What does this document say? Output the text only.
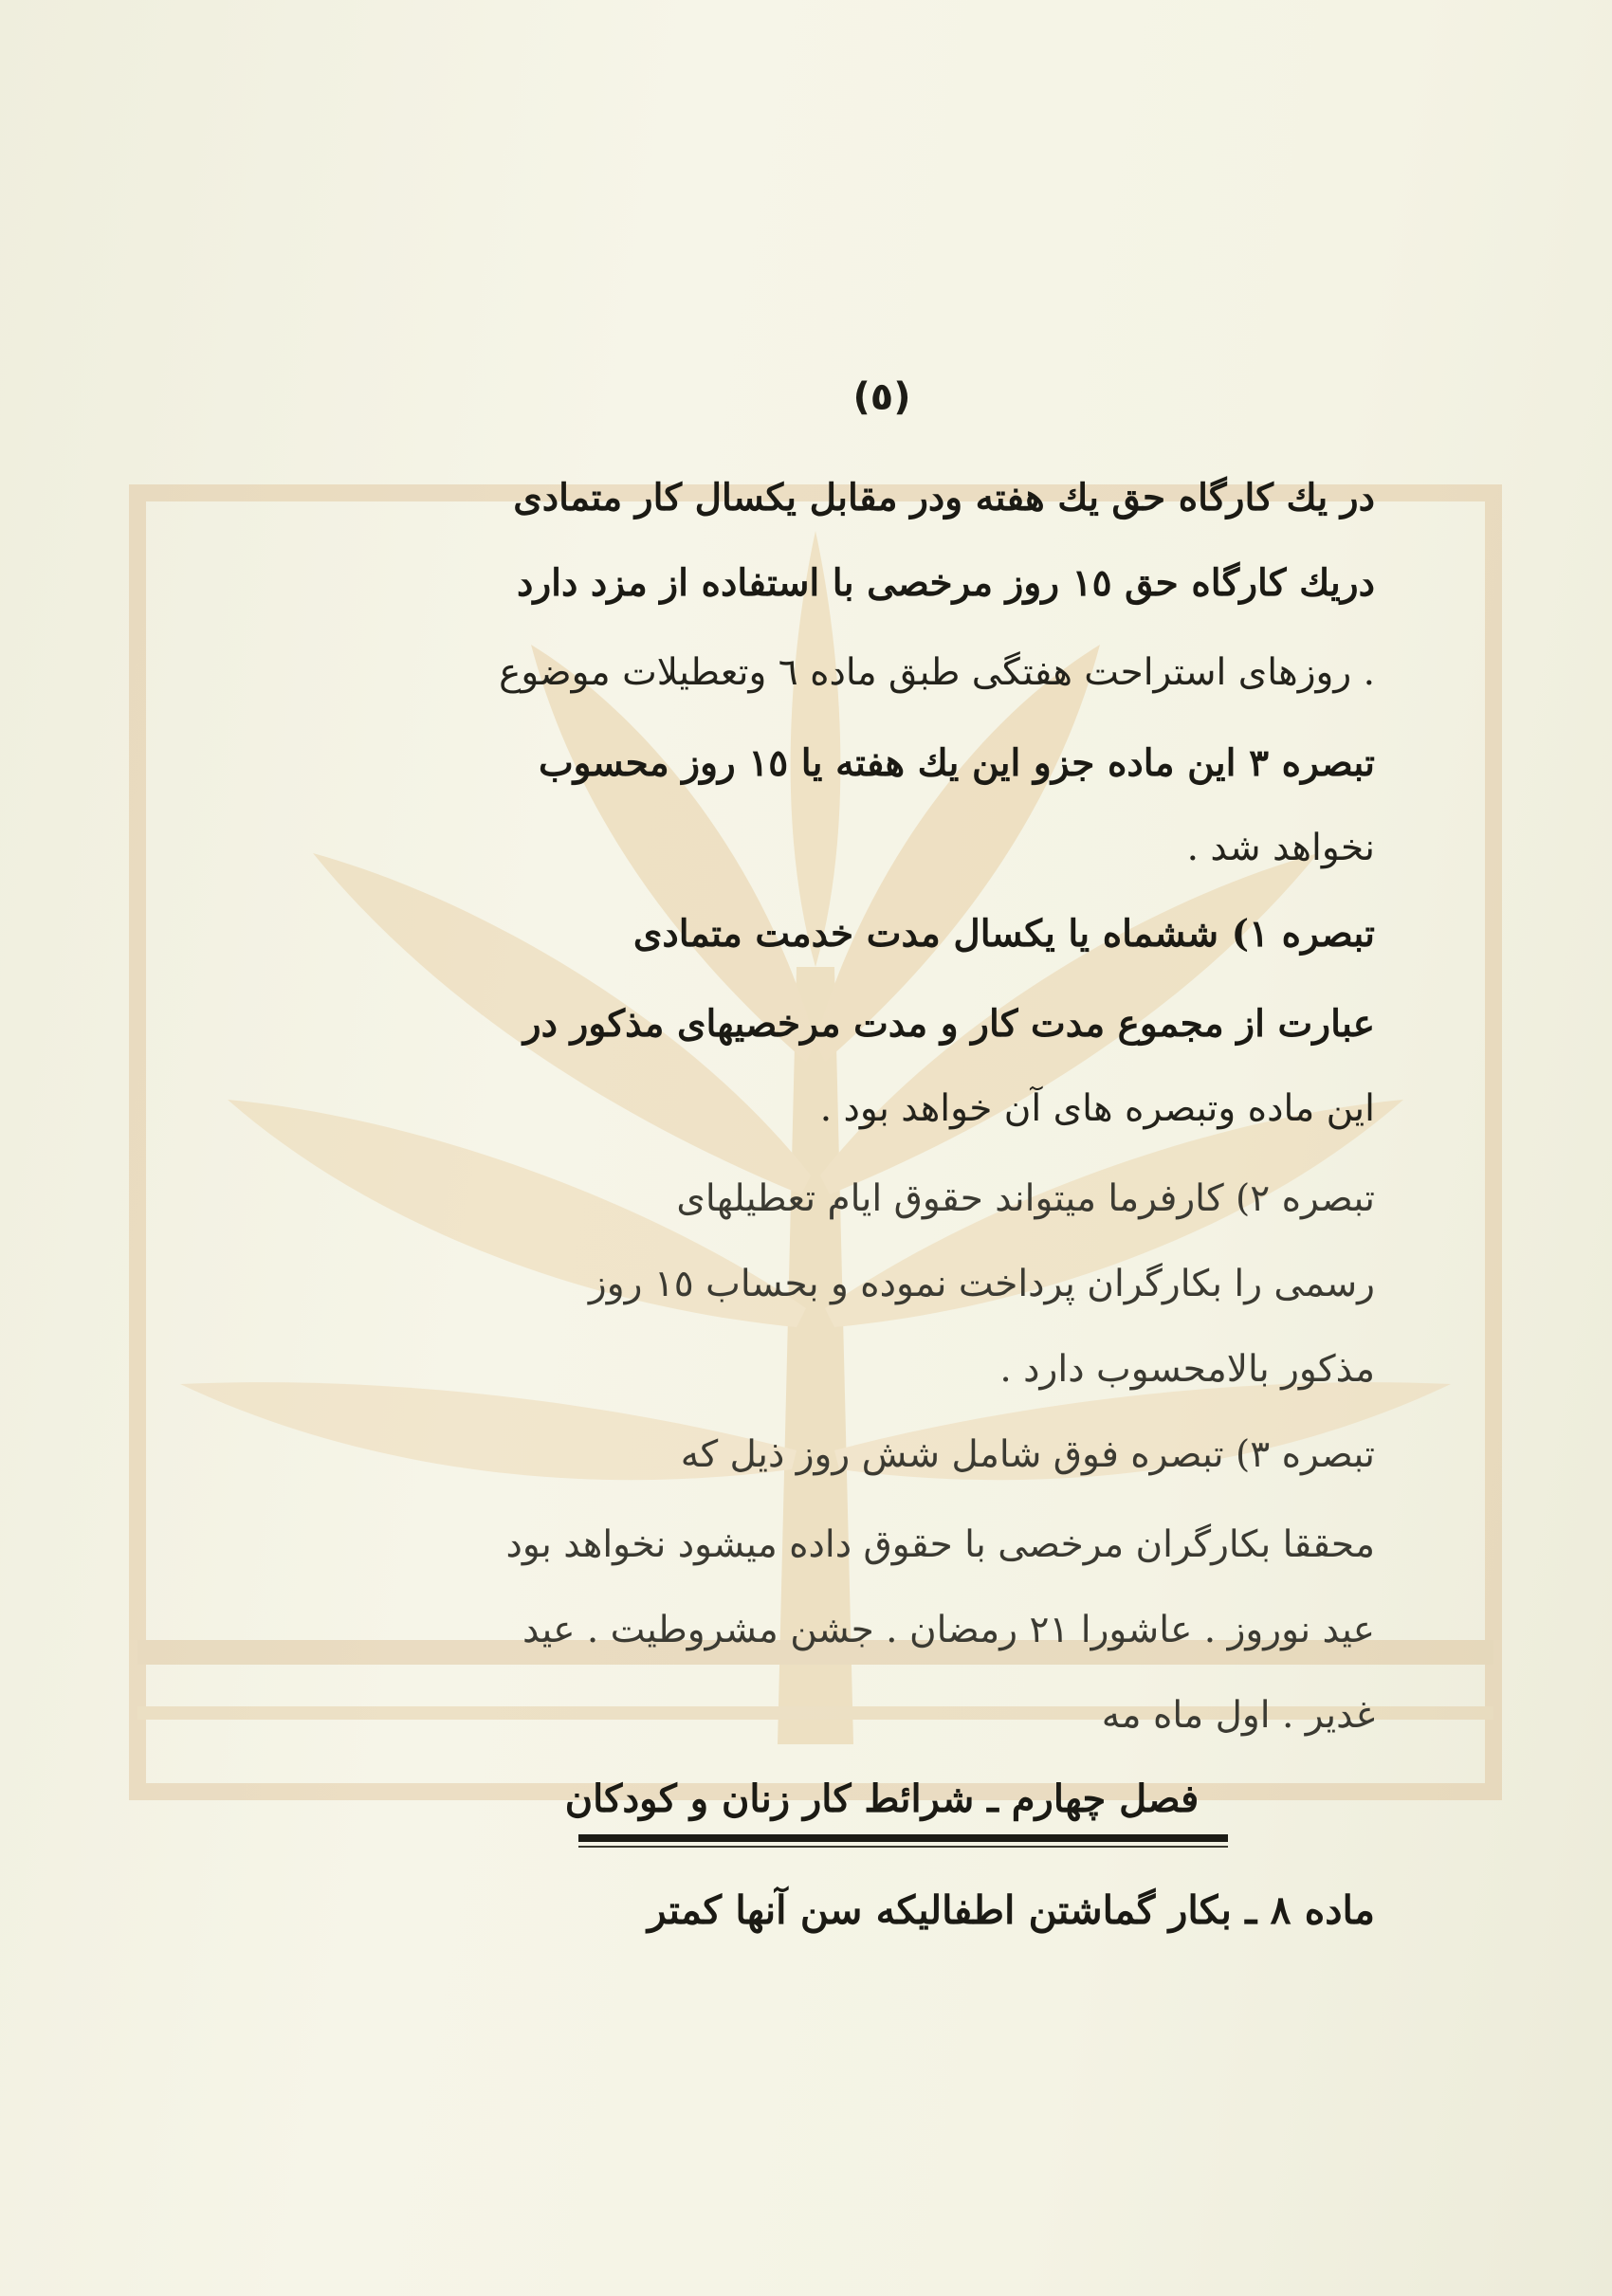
(٥)
در یك كارگاه حق یك هفته ودر مقابل یكسال كار متمادی
دریك كارگاه حق ١٥ روز مرخصی با استفاده از مزد دارد
. روزهای استراحت هفتگی طبق ماده ٦ وتعطیلات موضوع
تبصره ٣ این ماده جزو این یك هفته یا ١٥ روز محسوب
نخواهد شد .
تبصره ١) ششماه یا یكسال مدت خدمت متمادی
عبارت از مجموع مدت كار و مدت مرخصیهای مذكور در
این ماده وتبصره های آن خواهد بود .
تبصره ٢) كارفرما میتواند حقوق ایام تعطیلهای
رسمی را بكارگران پرداخت نموده و بحساب ١٥ روز
مذكور بالامحسوب دارد .
تبصره ٣) تبصره فوق شامل شش روز ذیل كه
محققا بكارگران مرخصی با حقوق داده میشود نخواهد بود
عید نوروز . عاشورا ٢١ رمضان . جشن مشروطیت . عید
غدیر . اول ماه مه
فصل چهارم ـ شرائط كار زنان و كودكان
ماده ٨ ـ بكار گماشتن اطفالیكه سن آنها كمتر
